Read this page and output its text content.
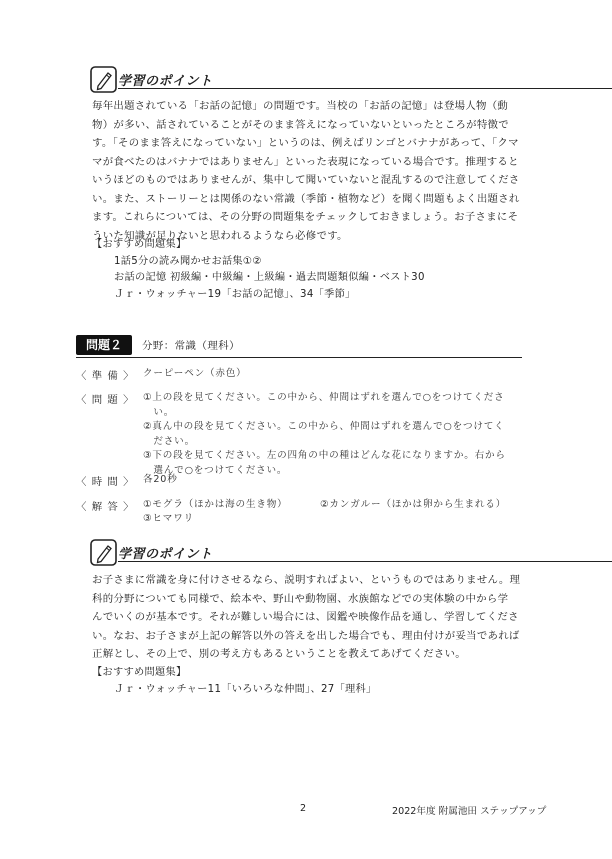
学習のポイント
毎年出題されている「お話の記憶」の問題です。当校の「お話の記憶」は登場人物（動
物）が多い、話されていることがそのまま答えになっていないといったところが特徴で
す。「そのまま答えになっていない」というのは、例えばリンゴとバナナがあって、「クマ
マが食べたのはバナナではありません」といった表現になっている場合です。推理すると
いうほどのものではありませんが、集中して聞いていないと混乱するので注意してくださ
い。また、ストーリーとは関係のない常識（季節・植物など）を聞く問題もよく出題され
ます。これらについては、その分野の問題集をチェックしておきましょう。お子さまにそ
ういた知識が足りないと思われるようなら必修です。
【おすすめ問題集】
1話5分の読み聞かせお話集①②
お話の記憶 初級編・中級編・上級編・過去問題類似編・ベスト30
Ｊｒ・ウォッチャー19「お話の記憶」、34「季節」
問題２	分野：常識（理科）
〈 準 備 〉 クーピーペン（赤色）
〈 問 題 〉 ①上の段を見てください。この中から、仲間はずれを選んで○をつけてくださ
　い。
②真ん中の段を見てください。この中から、仲間はずれを選んで○をつけてく
　ださい。
③下の段を見てください。左の四角の中の種はどんな花になりますか。右から
　選んで○をつけてください。
〈 時 間 〉 各20秒
〈 解 答 〉 ①モグラ（ほかは海の生き物）	②カンガルー（ほかは卵から生まれる）
③ヒマワリ
学習のポイント
お子さまに常識を身に付けさせるなら、説明すればよい、というものではありません。理
科的分野についても同様で、絵本や、野山や動物園、水族館などでの実体験の中から学
んでいくのが基本です。それが難しい場合には、図鑑や映像作品を通し、学習してくださ
い。なお、お子さまが上記の解答以外の答えを出した場合でも、理由付けが妥当であれば
正解とし、その上で、別の考え方もあるということを教えてあげてください。
【おすすめ問題集】
Ｊｒ・ウォッチャー11「いろいろな仲間」、27「理科」
2	2022年度 附属池田 ステップアップ
